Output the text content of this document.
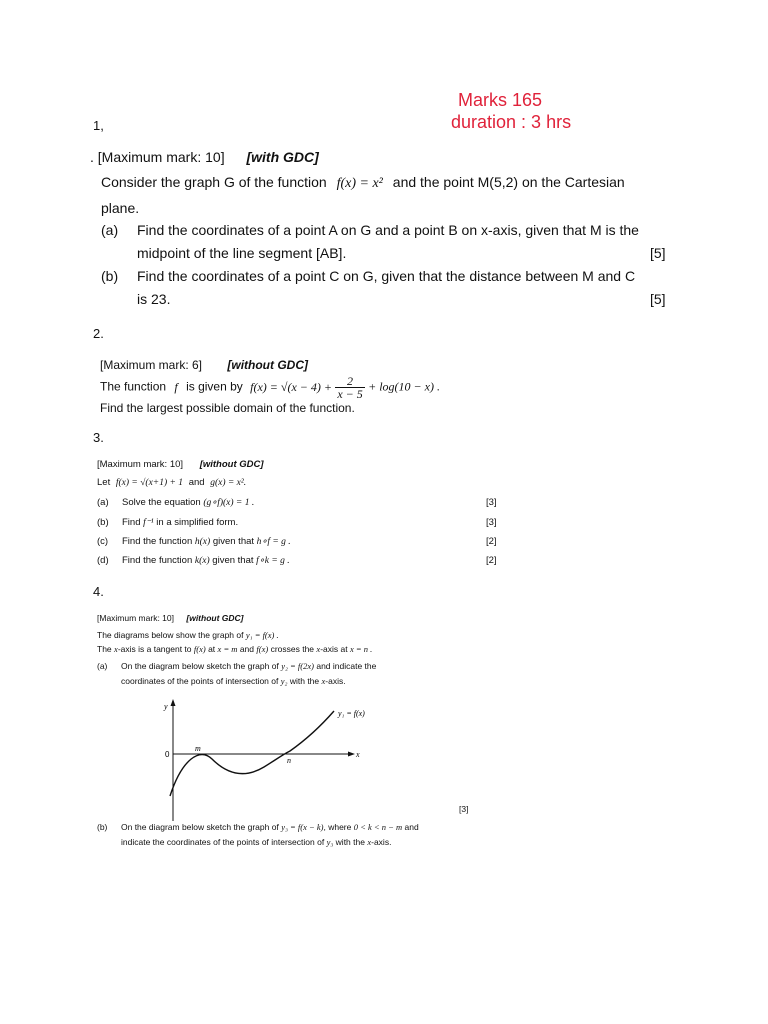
Marks 165
duration : 3 hrs
1,
. [Maximum mark: 10] [with GDC]
Consider the graph G of the function f(x) = x² and the point M(5,2) on the Cartesian
plane.
(a) Find the coordinates of a point A on G and a point B on x-axis, given that M is the
midpoint of the line segment [AB].	[5]
(b) Find the coordinates of a point C on G, given that the distance between M and C
is 23.	[5]
2.
[Maximum mark: 6] [without GDC]
The function f is given by $f(x) = √(x - 4) + \frac{2}{x - 5} + \log(10 - x)$ .
Find the largest possible domain of the function.
3.
[Maximum mark: 10] [without GDC]
Let f(x) = √(x+1) + 1 and g(x) = x².
(a) Solve the equation (g∘f)(x) = 1 .	[3]
(b) Find f⁻¹ in a simplified form.	[3]
(c) Find the function h(x) given that h∘f = g .	[2]
(d) Find the function k(x) given that f∘k = g .	[2]
4.
[Maximum mark: 10] [without GDC]
The diagrams below show the graph of y₁ = f(x) .
The x-axis is a tangent to f(x) at x = m and f(x) crosses the x-axis at x = n .
(a) On the diagram below sketch the graph of y₂ = f(2x) and indicate the
coordinates of the points of intersection of y₂ with the x-axis.
y
x
0
m
n
y₁ = f(x)
[3]
(b) On the diagram below sketch the graph of y₃ = f(x − k), where 0 < k < n − m and
indicate the coordinates of the points of intersection of y₃ with the x-axis.
